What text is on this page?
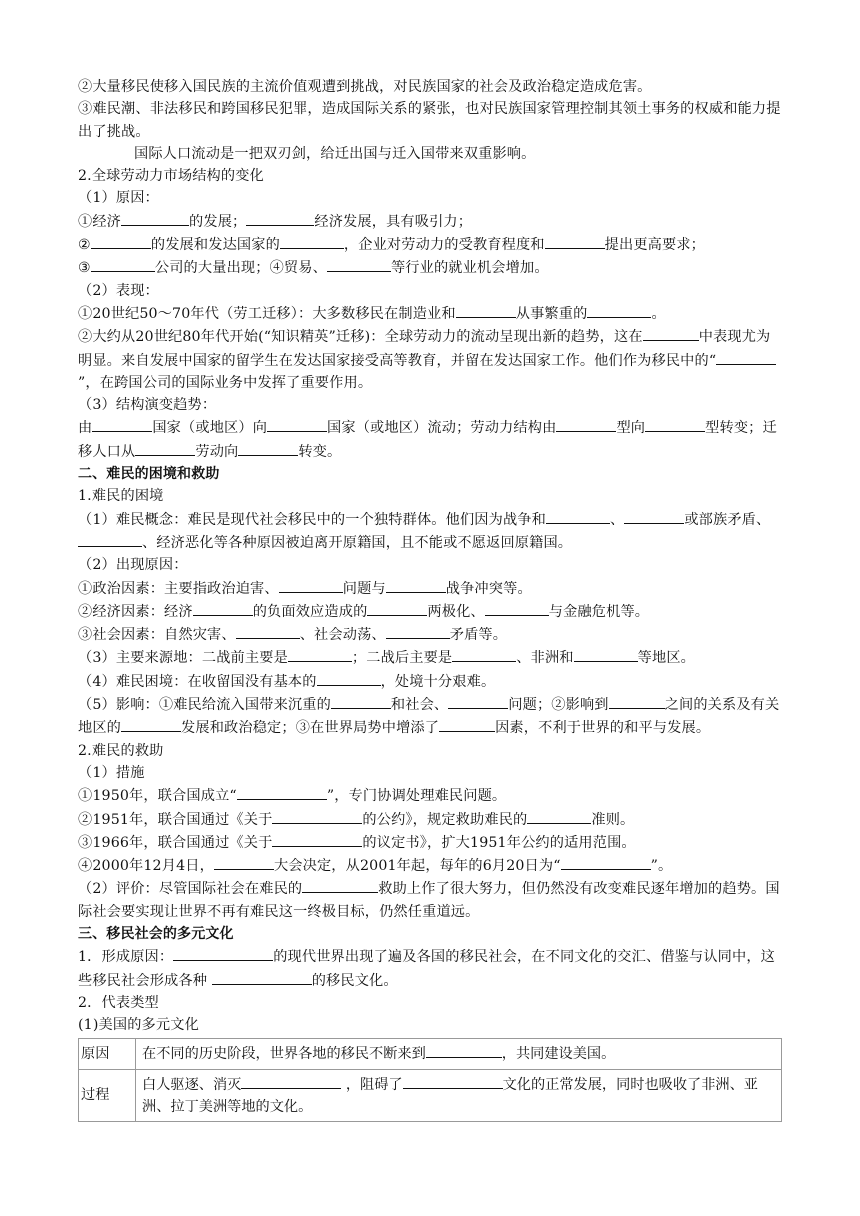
②大量移民使移入国民族的主流价值观遭到挑战，对民族国家的社会及政治稳定造成危害。
③难民潮、非法移民和跨国移民犯罪，造成国际关系的紧张，也对民族国家管理控制其领土事务的权威和能力提出了挑战。
国际人口流动是一把双刃剑，给迁出国与迁入国带来双重影响。
2.全球劳动力市场结构的变化
（1）原因：
①经济	的发展；	经济发展，具有吸引力；
②	的发展和发达国家的	，企业对劳动力的受教育程度和	提出更高要求；
③	公司的大量出现；④贸易、	等行业的就业机会增加。
（2）表现：
①20世纪50～70年代（劳工迁移）：大多数移民在制造业和	从事繁重的	。
②大约从20世纪80年代开始(“知识精英”迁移)：全球劳动力的流动呈现出新的趋势，这在	中表现尤为明显。来自发展中国家的留学生在发达国家接受高等教育，并留在发达国家工作。他们作为移民中的“”，在跨国公司的国际业务中发挥了重要作用。
（3）结构演变趋势：
由	国家（或地区）向	国家（或地区）流动；劳动力结构由	型向	型转变；迁移人口从	劳动向	转变。
二、难民的困境和救助
1.难民的困境
（1）难民概念：难民是现代社会移民中的一个独特群体。他们因为战争和	、	或部族矛盾、、经济恶化等各种原因被迫离开原籍国，且不能或不愿返回原籍国。
（2）出现原因：
①政治因素：主要指政治迫害、	问题与	战争冲突等。
②经济因素：经济	的负面效应造成的	两极化、	与金融危机等。
③社会因素：自然灾害、	、社会动荡、	矛盾等。
（3）主要来源地：二战前主要是	；二战后主要是	、非洲和	等地区。
（4）难民困境：在收留国没有基本的	，处境十分艰难。
（5）影响：①难民给流入国带来沉重的	和社会、	问题；②影响到	之间的关系及有关地区的	发展和政治稳定；③在世界局势中增添了	因素，不利于世界的和平与发展。
2.难民的救助
（1）措施
①1950年，联合国成立“	”，专门协调处理难民问题。
②1951年，联合国通过《关于	的公约》，规定救助难民的	准则。
③1966年，联合国通过《关于	的议定书》，扩大1951年公约的适用范围。
④2000年12月4日，	大会决定，从2001年起，每年的6月20日为“	”。
（2）评价：尽管国际社会在难民的	救助上作了很大努力，但仍然没有改变难民逐年增加的趋势。国际社会要实现让世界不再有难民这一终极目标，仍然任重道远。
三、移民社会的多元文化
1．形成原因：	的现代世界出现了遍及各国的移民社会，在不同文化的交汇、借鉴与认同中，这些移民社会形成各种	的移民文化。
2．代表类型
(1)美国的多元文化
原因	在不同的历史阶段，世界各地的移民不断来到 ，共同建设美国。
过程	白人驱逐、消灭 ，阻碍了 文化的正常发展，同时也吸收了非洲、亚洲、拉丁美洲等地的文化。
